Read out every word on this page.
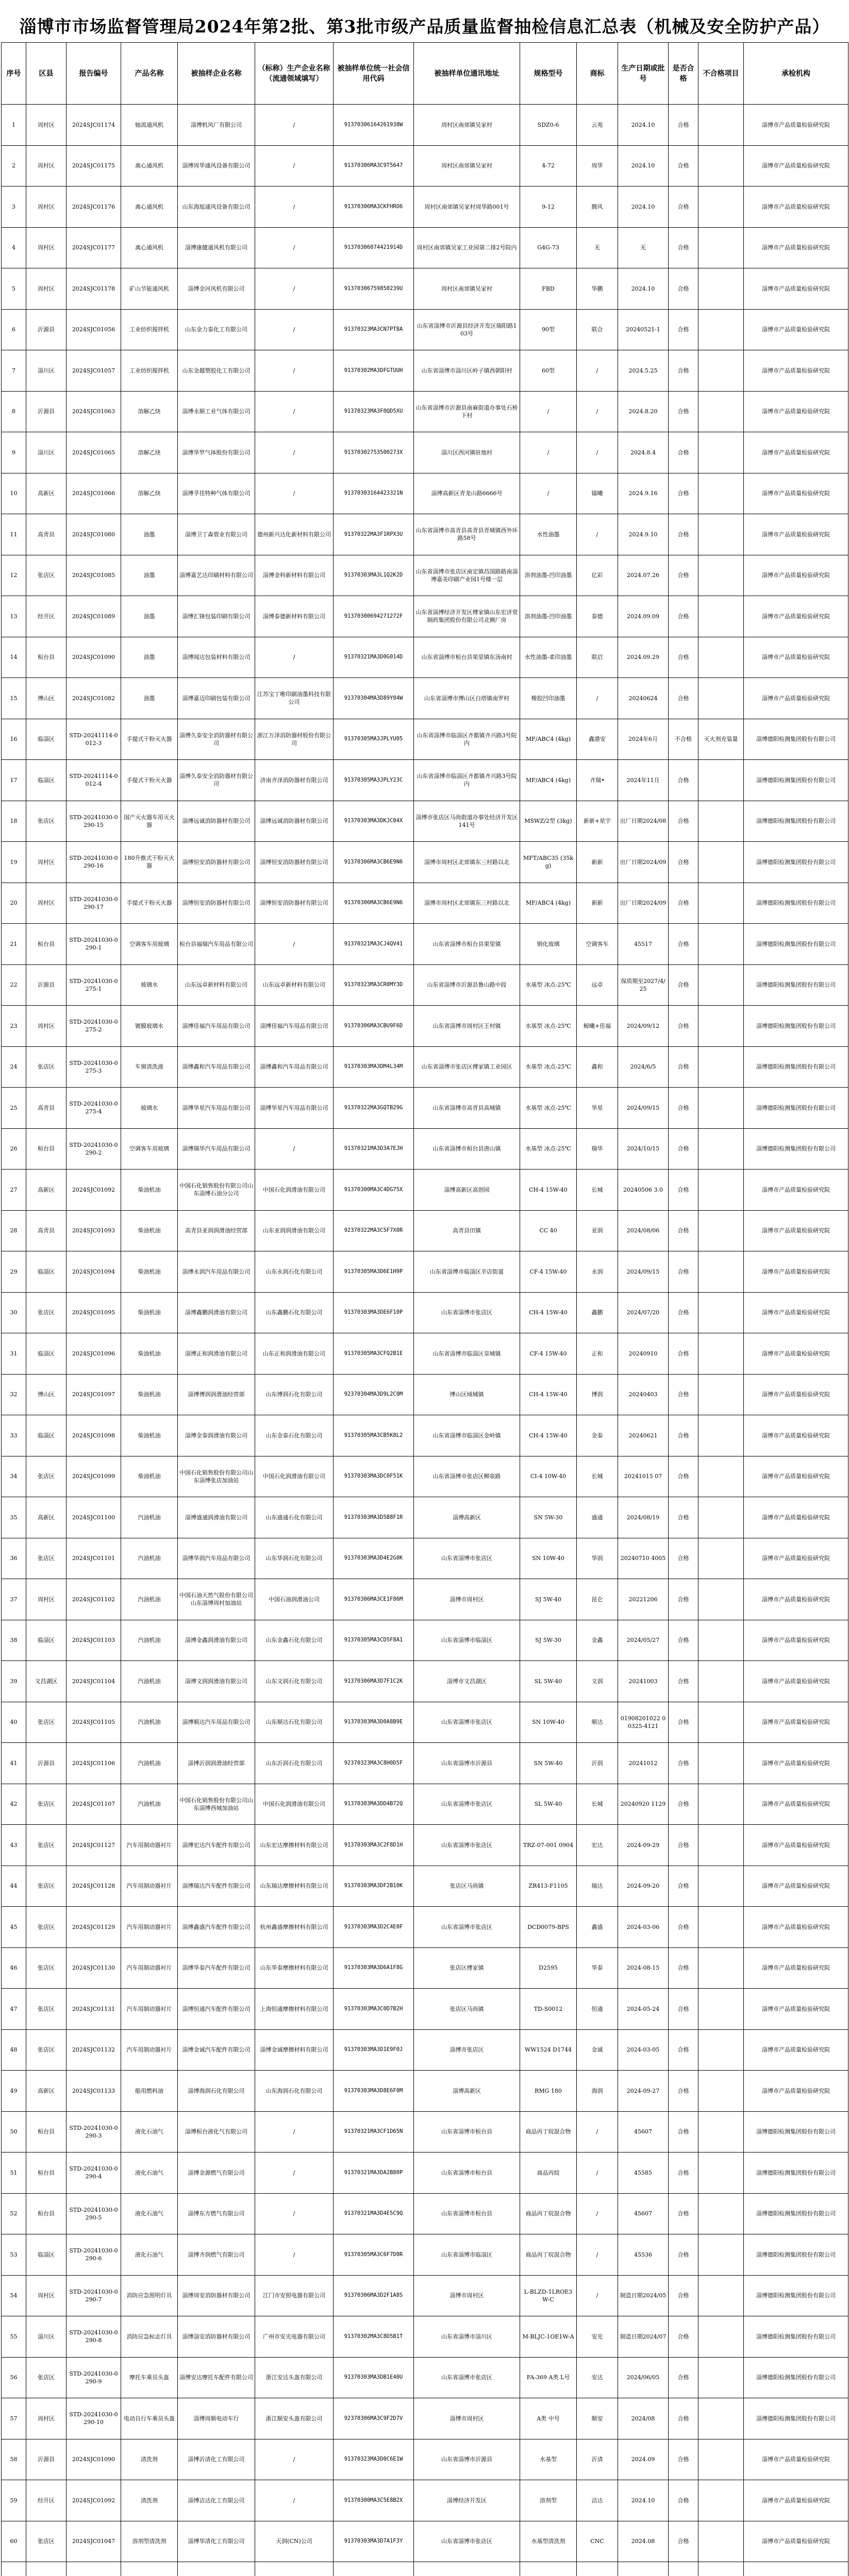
淄博市市场监督管理局2024年第2批、第3批市级产品质量监督抽检信息汇总表（机械及安全防护产品）
序号	区县	报告编号	产品名称	被抽样企业名称	（标称）生产企业名称（流通领域填写）	被抽样单位统一社会信用代码	被抽样单位通讯地址	规格型号	商标	生产日期或批号	是否合格	不合格项目	承检机构
1	周村区	2024SJC01174	轴流通风机	淄博机风厂有限公司	/	91370306164261938W	周村区南郊镇吴家村	SDZ0-6	云苑	2024.10	合格		淄博市产品质量检验研究院
2	周村区	2024SJC01175	离心通风机	淄博周华通风设备有限公司	/	91370306MA3C9T5647	周村区南郊镇吴家村	4-72	周华	2024.10	合格		淄博市产品质量检验研究院
3	周村区	2024SJC01176	离心通风机	山东海旭通风设备有限公司	/	91370306MA3CKFHRO6	周村区南郊镇吴家村周华路001号	9-12	腾风	2024.10	合格		淄博市产品质量检验研究院
4	周村区	2024SJC01177	离心通风机	淄博康健通风机有限公司	/	91370306074421914D	周村区南郊镇吴家工业园第二排2号院内	G4G-73	无	无	合格		淄博市产品质量检验研究院
5	周村区	2024SJC01178	矿山节能通风机	淄博金河风机有限公司	/	91370306759850239U	周村区南郊镇吴家村	FBD	华鹏	2024.10	合格		淄博市产品质量检验研究院
6	沂源县	2024SJC01056	工业纺织搅拌机	山东金力泰化工有限公司	/	91370323MA3CN7PT8A	山东省淄博市沂源县经济开发区瑞阳路103号	90型	联合	20240521-1	合格		淄博市产品质量检验研究院
7	淄川区	2024SJC01057	工业纺织搅拌机	山东金越塑胶化工有限公司	/	91370302MA3DFGTUUH	山东省淄博市淄川区岭子镇西朝阳村	60型	/	2024.5.25	合格		淄博市产品质量检验研究院
8	沂源县	2024SJC01063	溶解乙炔	淄博永顺工业气体有限公司	/	91370323MA3F0QD5XU	山东省淄博市沂源县南麻街道办事处石桥下村	/	/	2024.8.20	合格		淄博市产品质量检验研究院
9	淄川区	2024SJC01065	溶解乙炔	淄博华罗气体股份有限公司	/	91370302753500273X	淄川区西河镇驻地村	/	/	2024.8.4	合格		淄博市产品质量检验研究院
10	高新区	2024SJC01066	溶解乙炔	淄博孚佳特种气体有限公司	/	91370303164423321N	淄博高新区青龙山路6666号	/	镭曦	2024.9.16	合格		淄博市产品质量检验研究院
11	高青县	2024SJC01080	油墨	淄博卫丁森管业有限公司	德州新兴达化新材料有限公司	91370322MA3F1RPX3U	山东省淄博市高青县高青县青城镇西外环路58号	水性油墨	/	2024.9.10	合格		淄博市产品质量检验研究院
12	张店区	2024SJC01085	油墨	淄博嘉艺达印刷材料有限公司	淄博金科新材料有限公司	91370303MA3L1Q2K2D	山东省淄博市张店区南定镇昌国路路南淄博嘉美印刷产业园1号楼一层	溶剂油墨-凹印油墨	亿彩	2024.07.26	合格		淄博市产品质量检验研究院
13	经开区	2024SJC01089	油墨	淄博汇锋包装印刷有限公司	淄博泰德新材料有限公司	91370300694271272F	山东省淄博经济开发区傅家镇山东宏济堂制药集团股份有限公司北侧厂房	溶剂油墨-凹印油墨	泰德	2024.09.09	合格		淄博市产品质量检验研究院
14	桓台县	2024SJC01090	油墨	淄博闻达包装材料有限公司	/	91370321MA3D0G014D	山东省淄博市桓台县果里镇东汤南村	水性油墨-柔印油墨	联启	2024.09.29	合格		淄博市产品质量检验研究院
15	博山区	2024SJC01082	油墨	淄博嘉迈印刷包装有限公司	江苏宝丁唯印刷油墨科技有限公司	91370304MA3D89Y04W	山东省淄博市博山区白塔镇南罗村	橡胶凹印油墨	/	20240624	合格		淄博市产品质量检验研究院
16	临淄区	STD-20241114-0012-3	手提式干粉灭火器	淄博久泰安全消防器材有限公司	浙江万泽消防器材股份有限公司	91370305MA3JPLYU05	山东省淄博市临淄区齐都镇齐兴路3号院内	MF/ABC4 (4kg)	鑫港安	2024年6月	不合格	灭火剂充装量	淄博德阳检测集团股份有限公司
17	临淄区	STD-20241114-0012-4	手提式干粉灭火器	淄博久泰安全消防器材有限公司	济南齐泽消防器材有限公司	91370305MA3JPLY23C	山东省淄博市临淄区齐都镇齐兴路3号院内	MF/ABC4 (4kg)	齐瑞•	2024年11月	合格		淄博德阳检测集团股份有限公司
18	张店区	STD-20241030-0290-15	国产灭火器车用灭火器	淄博远诚消防器材有限公司	淄博远诚消防器材有限公司	91370303MA3DKJC04X	淄博市张店区马尚街道办事处经济开发区141号	MSWZ/2型 (3kg)	新新+星宇	出厂日期2024/08	合格		淄博德阳检测集团股份有限公司
19	周村区	STD-20241030-0290-16	180升推式干粉灭火器	淄博恒安消防器材有限公司	淄博恒安消防器材有限公司	91370306MA3CB6E9N6	淄博市周村区北郊镇东三村路以北	MFT/ABC35 (35kg)	新新	出厂日期2024/09	合格		淄博德阳检测集团股份有限公司
20	周村区	STD-20241030-0290-17	手提式干粉灭火器	淄博恒安消防器材有限公司	淄博恒安消防器材有限公司	91370306MA3CB6E9N6	淄博市周村区北郊镇东三村路以北	MF/ABC4 (4kg)	新新	出厂日期2024/09	合格		淄博德阳检测集团股份有限公司
21	桓台县	STD-20241030-0290-1	空调客车用玻璃	桓台县福瑞汽车用品有限公司	/	91370321MA3CJ4QV41	山东省淄博市桓台县果里镇	钢化玻璃	空调客车	45517	合格		淄博德阳检测集团股份有限公司
22	沂源县	STD-20241030-0275-1	玻璃水	山东远卓新材料有限公司	山东远卓新材料有限公司	91370323MA3CR0MY3D	山东省淄博市沂源县鲁山路中段	水基型 冰点-25℃	远卓	保质期至2027/4/25	合格		淄博德阳检测集团股份有限公司
23	周村区	STD-20241030-0275-2	镀膜玻璃水	淄博佳福汽车用品有限公司	淄博佳福汽车用品有限公司	91370306MA3CBU9F6D	山东省淄博市周村区王村镇	水基型 冰点-25℃	鲸曦+佳福	2024/09/12	合格		淄博德阳检测集团股份有限公司
24	张店区	STD-20241030-0275-3	车窗清洗液	淄博鑫和汽车用品有限公司	淄博鑫和汽车用品有限公司	91370303MA3DM4L34M	山东省淄博市张店区傅家镇工业园区	水基型 冰点-25℃	鑫和	2024/6/5	合格		淄博德阳检测集团股份有限公司
25	高青县	STD-20241030-0275-4	玻璃水	淄博华星汽车用品有限公司	淄博华星汽车用品有限公司	91370322MA3GQTB29G	山东省淄博市高青县高城镇	水基型 冰点-25℃	华星	2024/09/15	合格		淄博德阳检测集团股份有限公司
26	桓台县	STD-20241030-0290-2	空调客车用玻璃	淄博瑞华汽车用品有限公司	/	91370321MA3D3A7EJH	山东省淄博市桓台县唐山镇	水基型 冰点-25℃	瑞华	2024/10/15	合格		淄博德阳检测集团股份有限公司
27	高新区	2024SJC01092	柴油机油	中国石化销售股份有限公司山东淄博石油分公司	中国石化润滑油有限公司	91370300MA3C4DG75X	淄博高新区高创园	CH-4 15W-40	长城	20240506 3.0	合格		淄博市产品质量检验研究院
28	高青县	2024SJC01093	柴油机油	高青县亚润润滑油经营部	山东亚润润滑油有限公司	92370322MA3C5F7X0R	高青县田镇	CC 40	亚润	2024/08/06	合格		淄博市产品质量检验研究院
29	临淄区	2024SJC01094	柴油机油	淄博永润汽车用品有限公司	山东永润石化有限公司	91370305MA3D6E1H9P	山东省淄博市临淄区辛店街道	CF-4 15W-40	永润	2024/09/15	合格		淄博市产品质量检验研究院
30	张店区	2024SJC01095	柴油机油	淄博鑫鹏润滑油有限公司	山东鑫鹏石化有限公司	91370303MA3DE6F10P	山东省淄博市张店区	CH-4 15W-40	鑫鹏	2024/07/20	合格		淄博市产品质量检验研究院
31	临淄区	2024SJC01096	柴油机油	淄博正和润滑油有限公司	山东正和润滑油有限公司	91370305MA3CFQ2B1E	山东省淄博市临淄区皇城镇	CF-4 15W-40	正和	20240910	合格		淄博市产品质量检验研究院
32	博山区	2024SJC01097	柴油机油	淄博博润润滑油经营部	山东博润石化有限公司	92370304MA3D9L2C0M	博山区域城镇	CH-4 15W-40	博润	20240403	合格		淄博市产品质量检验研究院
33	临淄区	2024SJC01098	柴油机油	淄博金泰润滑油有限公司	山东金泰石化有限公司	91370305MA3CB5K8L2	山东省淄博市临淄区金岭镇	CH-4 15W-40	金泰	20240621	合格		淄博市产品质量检验研究院
34	张店区	2024SJC01099	柴油机油	中国石化销售股份有限公司山东淄博张店加油站	中国石化润滑油有限公司	91370303MA3DC0F51K	山东省淄博市张店区柳泉路	CI-4 10W-40	长城	20241015 07	合格		淄博市产品质量检验研究院
35	高新区	2024SJC01100	汽油机油	淄博盛通润滑油有限公司	山东盛通石化有限公司	91370303MA3D5B8F1R	淄博高新区	SN 5W-30	盛通	2024/08/19	合格		淄博市产品质量检验研究院
36	张店区	2024SJC01101	汽油机油	淄博华润汽车用品有限公司	山东华润石化有限公司	91370303MA3D4E2G0K	山东省淄博市张店区	SN 10W-40	华润	20240710 4005	合格		淄博市产品质量检验研究院
37	周村区	2024SJC01102	汽油机油	中国石油天然气股份有限公司山东淄博周村加油站	中国石油润滑油公司	91370306MA3CE1F86M	淄博市周村区	SJ 5W-40	昆仑	20221206	合格		淄博市产品质量检验研究院
38	临淄区	2024SJC01103	汽油机油	淄博金鑫润滑油有限公司	山东金鑫石化有限公司	91370305MA3CD5F8A1	山东省淄博市临淄区	SJ 5W-30	金鑫	2024/05/27	合格		淄博市产品质量检验研究院
39	文昌湖区	2024SJC01104	汽油机油	淄博文润润滑油有限公司	山东文润石化有限公司	91370306MA3D7F1C2K	淄博市文昌湖区	SL 5W-40	文润	20241003	合格		淄博市产品质量检验研究院
40	张店区	2024SJC01105	汽油机油	淄博顺达汽车用品有限公司	山东顺达石化有限公司	91370303MA3D0A8B9E	山东省淄博市张店区	SN 10W-40	顺达	01908201022 00325-4121	合格		淄博市产品质量检验研究院
41	沂源县	2024SJC01106	汽油机油	淄博沂润润滑油经营部	山东沂润石化有限公司	92370323MA3C8H0D5F	山东省淄博市沂源县	SN 5W-40	沂润	20241012	合格		淄博市产品质量检验研究院
42	张店区	2024SJC01107	汽油机油	中国石化销售股份有限公司山东淄博西城加油站	中国石化润滑油有限公司	91370303MA3DD4B72Q	山东省淄博市张店区	SL 5W-40	长城	20240920 1129	合格		淄博市产品质量检验研究院
43	张店区	2024SJC01127	汽车用制动器衬片	淄博宏达汽车配件有限公司	山东宏达摩擦材料有限公司	91370303MA3C2F8D1H	山东省淄博市张店区	TRZ-07-001 0904	宏达	2024-09-29	合格		淄博市产品质量检验研究院
44	张店区	2024SJC01128	汽车用制动器衬片	淄博瑞达汽车配件有限公司	山东瑞达摩擦材料有限公司	91370303MA3DF2B10K	张店区马尚镇	ZR413-F1105	瑞达	2024-09-20	合格		淄博市产品质量检验研究院
45	张店区	2024SJC01129	汽车用制动器衬片	淄博鑫盛汽车配件有限公司	杭州鑫盛摩擦材料有限公司	91370303MA3D2C4E0F	山东省淄博市张店区	DCD0079-BPS	鑫盛	2024-03-06	合格		淄博市产品质量检验研究院
46	张店区	2024SJC01130	汽车用制动器衬片	淄博华泰汽车配件有限公司	山东华泰摩擦材料有限公司	91370303MA3D6A1F8G	张店区傅家镇	D2595	华泰	2024-08-15	合格		淄博市产品质量检验研究院
47	张店区	2024SJC01131	汽车用制动器衬片	淄博恒通汽车配件有限公司	上海恒通摩擦材料有限公司	91370303MA3C0D7B2H	张店区马尚镇	TD-S0012	恒通	2024-05-24	合格		淄博市产品质量检验研究院
48	张店区	2024SJC01132	汽车用制动器衬片	淄博金诚汽车配件有限公司	淄博金诚摩擦材料有限公司	91370303MA3D1E9F0J	淄博市张店区	WW1524 D1744	金诚	2024-03-05	合格		淄博市产品质量检验研究院
49	高新区	2024SJC01133	船用燃料油	淄博海润石化有限公司	山东海润石化有限公司	91370303MA3D8E6F0M	淄博高新区	RMG 180	海润	2024-09-27	合格		淄博市产品质量检验研究院
50	桓台县	STD-20241030-0290-3	液化石油气	淄博桓台液化气有限公司	/	91370321MA3CF1D65N	山东省淄博市桓台县	商品丙丁烷混合物	/	45607	合格		淄博德阳检测集团股份有限公司
51	桓台县	STD-20241030-0290-4	液化石油气	淄博金源燃气有限公司	/	91370321MA3DA2B80P	山东省淄博市桓台县	商品丙烷	/	45585	合格		淄博德阳检测集团股份有限公司
52	桓台县	STD-20241030-0290-5	液化石油气	淄博东方燃气有限公司	/	91370321MA3D4E5C9Q	山东省淄博市桓台县	商品丙丁烷混合物	/	45607	合格		淄博德阳检测集团股份有限公司
53	临淄区	STD-20241030-0290-6	液化石油气	淄博齐润燃气有限公司	/	91370305MA3C6F7D0R	山东省淄博市临淄区	商品丙丁烷混合物	/	45536	合格		淄博德阳检测集团股份有限公司
54	周村区	STD-20241030-0290-7	消防应急照明灯具	淄博周安消防器材有限公司	江门市安照电器有限公司	91370306MA3D2F1A8S	淄博市周村区	L-BLZD-1LROE3W-C	/	制造日期2024/05	合格		淄博德阳检测集团股份有限公司
55	淄川区	STD-20241030-0290-8	消防应急标志灯具	淄博淄安消防器材有限公司	广州市安光电器有限公司	91370302MA3C8D5B1T	山东省淄博市淄川区	M-BLJC-1OE1W-A	安光	制造日期2024/07	合格		淄博德阳检测集团股份有限公司
56	张店区	STD-20241030-0290-9	摩托车乘员头盔	淄博安达摩托车配件有限公司	浙江安达头盔有限公司	91370303MA3DB1E40U	山东省淄博市张店区	FA-369 A类 L号	安达	2024/06/05	合格		淄博德阳检测集团股份有限公司
57	周村区	STD-20241030-0290-10	电动自行车乘员头盔	淄博周顺电动车行	浙江顺安头盔有限公司	92370306MA3C9F2D7V	淄博市周村区	A类 中号	顺安	2024/08	合格		淄博德阳检测集团股份有限公司
58	沂源县	2024SJC01090	清洗剂	淄博沂清化工有限公司	/	91370323MA3D0C6E1W	山东省淄博市沂源县	水基型	沂清	2024.09	合格		淄博市产品质量检验研究院
59	经开区	2024SJC01092	清洗剂	淄博洁达化工有限公司	/	91370300MA3C5E8B2X	淄博经济开发区	溶剂型	洁达	2024.10	合格		淄博市产品质量检验研究院
60	张店区	2024SJC01047	溶剂型清洗剂	淄博华清化工有限公司	天润(CN)公司	91370303MA3D7A1F3Y	山东省淄博市张店区	水基型清洗剂	CNC	2024.08	合格		淄博市产品质量检验研究院
